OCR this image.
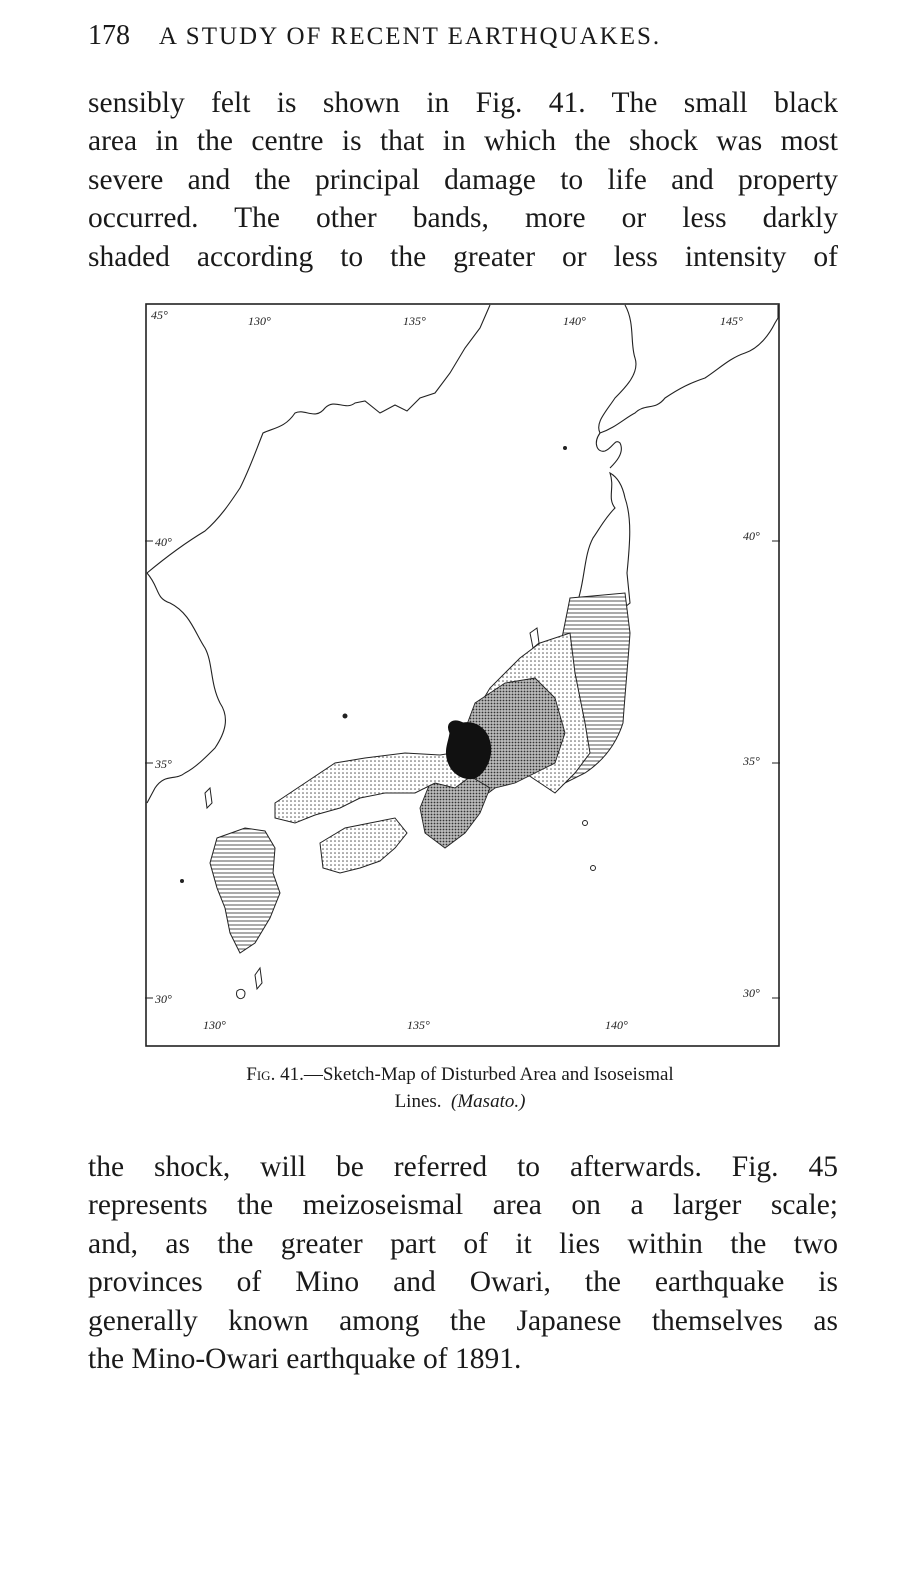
178 A STUDY OF RECENT EARTHQUAKES.
sensibly felt is shown in Fig. 41. The small black
area in the centre is that in which the shock was most
severe and the principal damage to life and property
occurred. The other bands, more or less darkly
shaded according to the greater or less intensity of
45°	130°	135°	140°	145°
130°	135°	140°
40°
35°
30°
40°
35°
30°
Fig. 41.—Sketch-Map of Disturbed Area and Isoseismal
Lines. (Masato.)
the shock, will be referred to afterwards. Fig. 45
represents the meizoseismal area on a larger scale;
and, as the greater part of it lies within the two
provinces of Mino and Owari, the earthquake is
generally known among the Japanese themselves as
the Mino-Owari earthquake of 1891.
